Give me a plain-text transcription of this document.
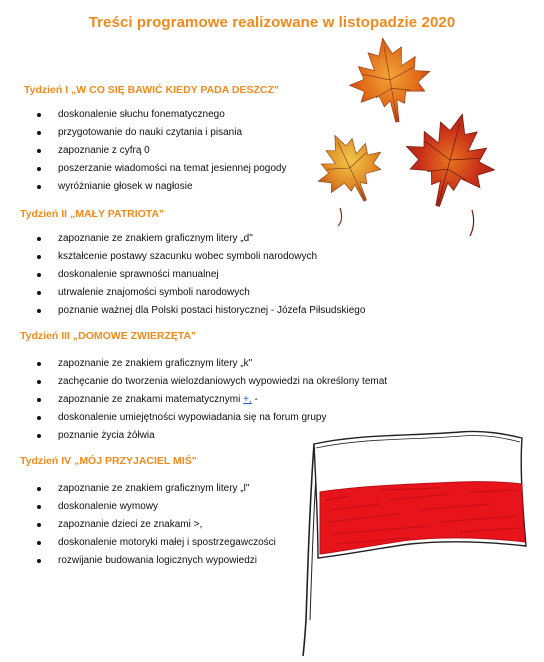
Treści programowe realizowane w listopadzie 2020
Tydzień I „W CO SIĘ BAWIĆ KIEDY PADA DESZCZ"
doskonalenie słuchu fonematycznego
przygotowanie do nauki czytania i pisania
zapoznanie z cyfrą 0
poszerzanie wiadomości na temat jesiennej pogody
wyróżnianie głosek w nagłosie
Tydzień II „MAŁY PATRIOTA"
zapoznanie ze znakiem graficznym litery „d"
kształcenie postawy szacunku wobec symboli narodowych
doskonalenie sprawności manualnej
utrwalenie znajomości symboli narodowych
poznanie ważnej dla Polski postaci historycznej - Józefa Piłsudskiego
Tydzień III „DOMOWE ZWIERZĘTA"
zapoznanie ze znakiem graficznym litery „k"
zachęcanie do tworzenia wielozdaniowych wypowiedzi na określony temat
zapoznanie ze znakami matematycznymi +, -
doskonalenie umiejętności wypowiadania się na forum grupy
poznanie życia żółwia
Tydzień IV „MÓJ PRZYJACIEL MIŚ"
zapoznanie ze znakiem graficznym litery „l"
doskonalenie wymowy
zapoznanie dzieci ze znakami >,
doskonalenie motoryki małej i spostrzegawczości
rozwijanie budowania logicznych wypowiedzi
